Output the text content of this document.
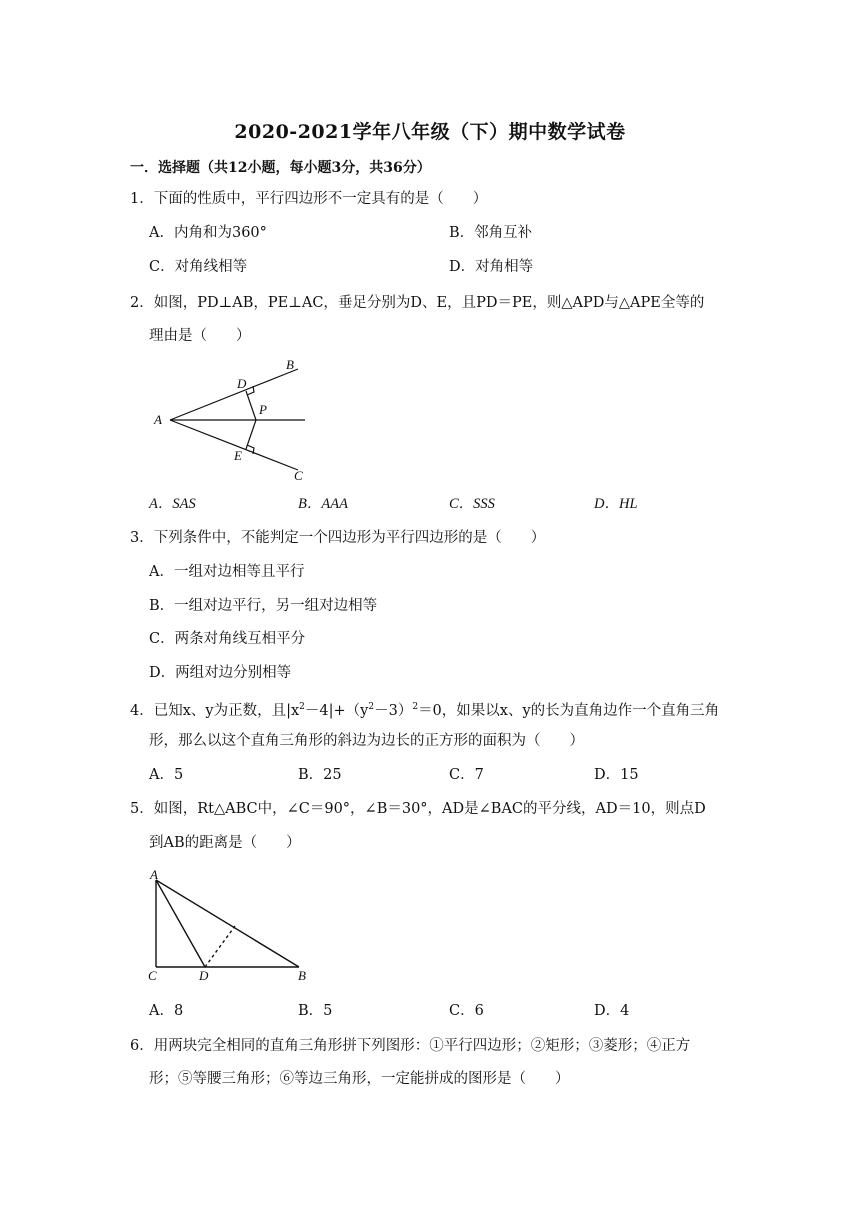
2020-2021学年八年级（下）期中数学试卷
一．选择题（共12小题，每小题3分，共36分）
1．下面的性质中，平行四边形不一定具有的是（　　）
A．内角和为360°	B．邻角互补
C．对角线相等	D．对角相等
2．如图，PD⊥AB，PE⊥AC，垂足分别为D、E，且PD＝PE，则△APD与△APE全等的
理由是（　　）
A
B
C
D
E
P
A．SAS	B．AAA	C．SSS	D．HL
3．下列条件中，不能判定一个四边形为平行四边形的是（　　）
A．一组对边相等且平行
B．一组对边平行，另一组对边相等
C．两条对角线互相平分
D．两组对边分别相等
4．已知x、y为正数，且$|x^2-4|+(y^2-3)^2=0$，如果以x、y的长为直角边作一个直角三角
形，那么以这个直角三角形的斜边为边长的正方形的面积为（　　）
A．5	B．25	C．7	D．15
5．如图，Rt△ABC中，∠C＝90°，∠B＝30°，AD是∠BAC的平分线，AD＝10，则点D
到AB的距离是（　　）
A
B
C	D
A．8	B．5	C．6	D．4
6．用两块完全相同的直角三角形拼下列图形：①平行四边形；②矩形；③菱形；④正方
形；⑤等腰三角形；⑥等边三角形，一定能拼成的图形是（　　）
